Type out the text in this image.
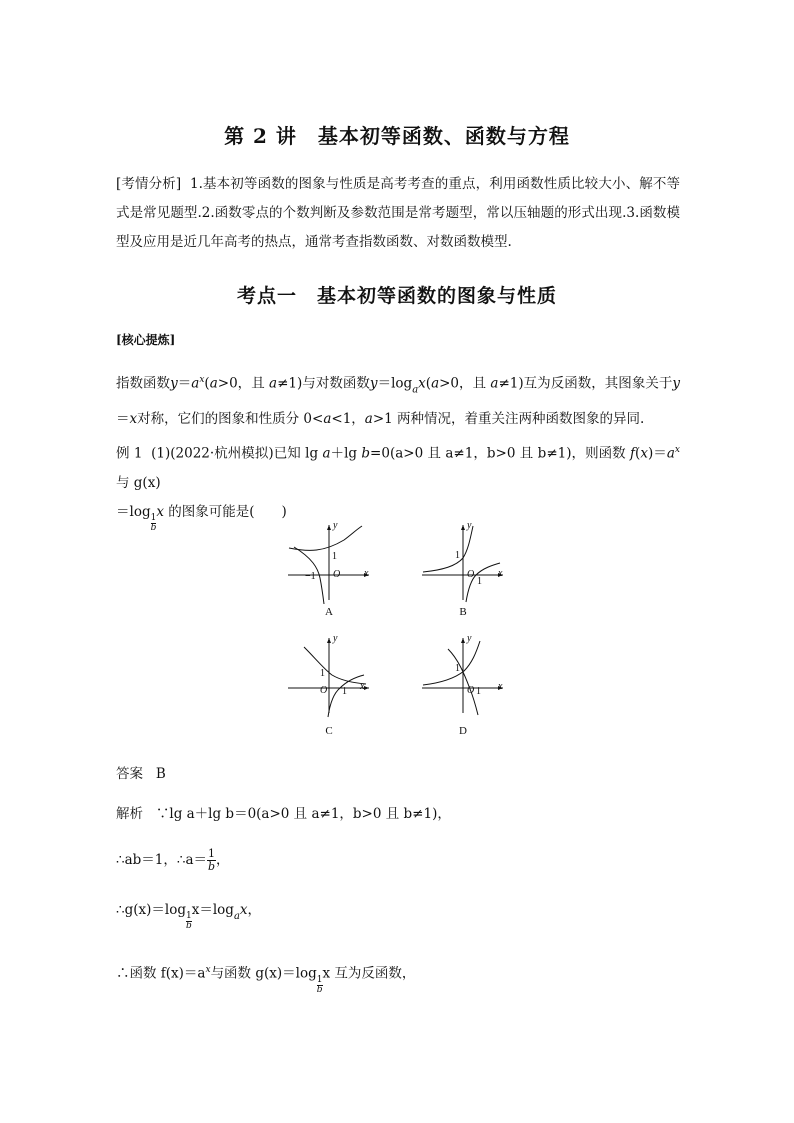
第 2 讲　基本初等函数、函数与方程
[考情分析] 1.基本初等函数的图象与性质是高考考查的重点，利用函数性质比较大小、解不等式是常见题型.2.函数零点的个数判断及参数范围是常考题型，常以压轴题的形式出现.3.函数模型及应用是近几年高考的热点，通常考查指数函数、对数函数模型.
考点一　基本初等函数的图象与性质
[核心提炼]
指数函数$y=a^x(a>0$，且 a≠1)与对数函数$y=\log_ax(a>0$，且 a≠1)互为反函数，其图象关于y＝x对称，它们的图象和性质分 0<a<1，a>1 两种情况，着重关注两种函数图象的异同.
例 1 (1)(2022·杭州模拟)已知 lg a＋lg b=0(a>0 且 a≠1，b>0 且 b≠1)，则函数 $f(x)=a^x$与 g(x)
＝log
$\frac{1}{b}$
x 的图象可能是(　　)
y
x
O
1
−1
A
y
x
O
1
1
B
y
x
O
1
1
C
y
x
O
1
1
D
答案 B
解析 ∵lg a＋lg b＝0(a>0 且 a≠1，b>0 且 b≠1)，
∴ab＝1，∴a＝ $\frac{1}{b}$ ，
∴g(x)＝log
$\frac{1}{b}$
$x=\log_ax$，
∴函数 $f(x)=a^x$与函数 g(x)＝log
$\frac{1}{b}$
x 互为反函数，
